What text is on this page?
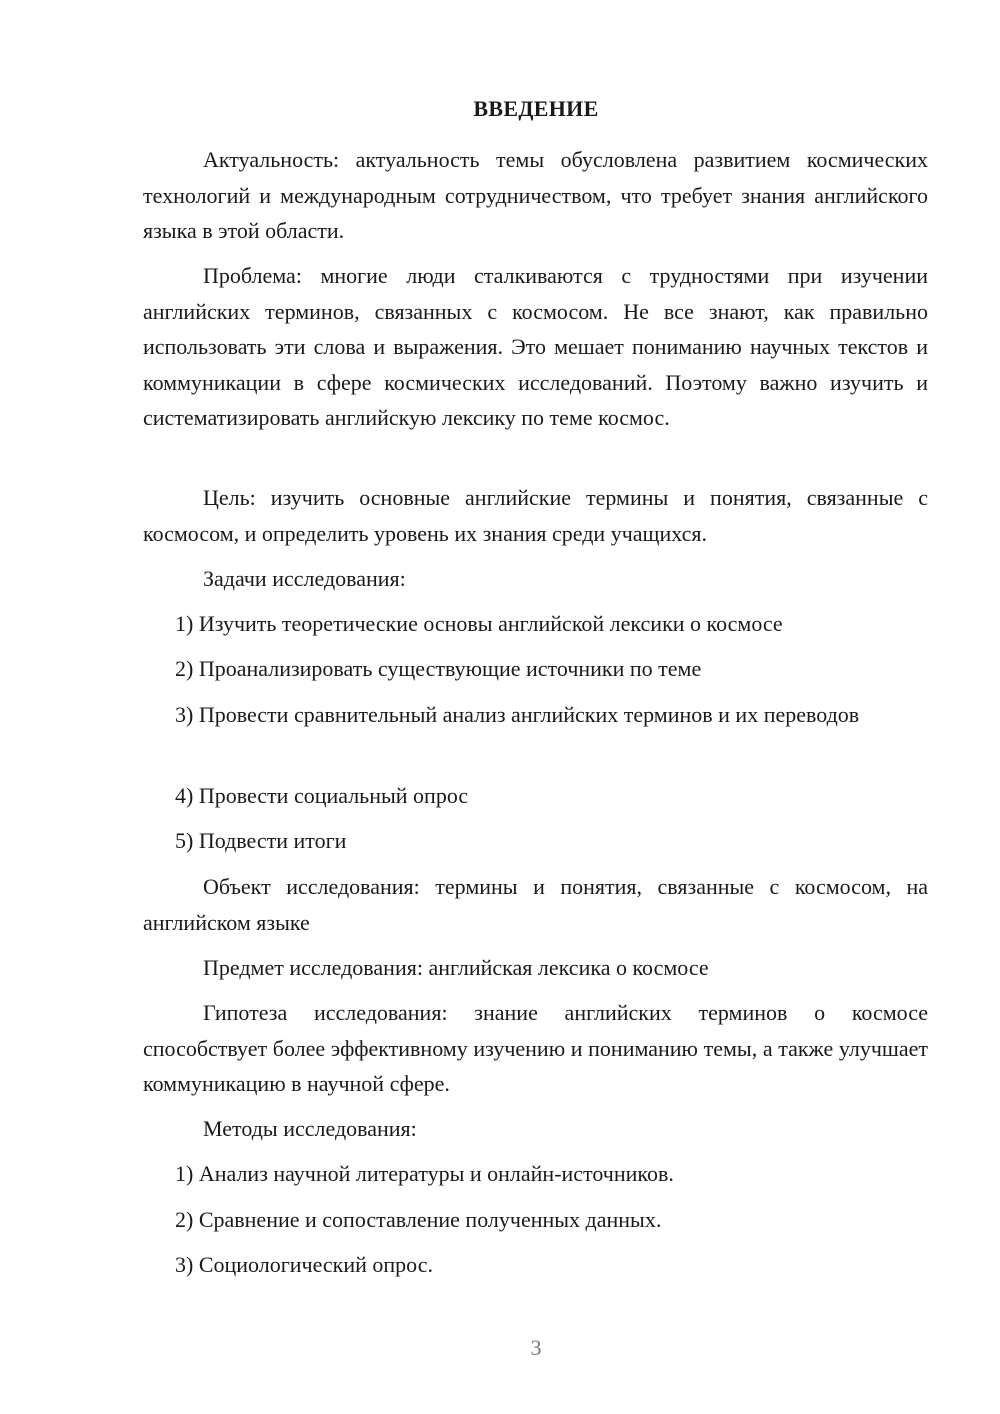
ВВЕДЕНИЕ

Актуальность: актуальность темы обусловлена развитием космических технологий и международным сотрудничеством, что требует знания английского языка в этой области.

Проблема: многие люди сталкиваются с трудностями при изучении английских терминов, связанных с космосом. Не все знают, как правильно использовать эти слова и выражения. Это мешает пониманию научных текстов и коммуникации в сфере космических исследований. Поэтому важно изучить и систематизировать английскую лексику по теме космос.

Цель: изучить основные английские термины и понятия, связанные с космосом, и определить уровень их знания среди учащихся.

Задачи исследования:

1) Изучить теоретические основы английской лексики о космосе

2) Проанализировать существующие источники по теме

3) Провести сравнительный анализ английских терминов и их переводов

4) Провести социальный опрос

5) Подвести итоги

Объект исследования: термины и понятия, связанные с космосом, на английском языке

Предмет исследования: английская лексика о космосе

Гипотеза исследования: знание английских терминов о космосе способствует более эффективному изучению и пониманию темы, а также улучшает коммуникацию в научной сфере.

Методы исследования:

1) Анализ научной литературы и онлайн-источников.

2) Сравнение и сопоставление полученных данных.

3) Социологический опрос.

3
